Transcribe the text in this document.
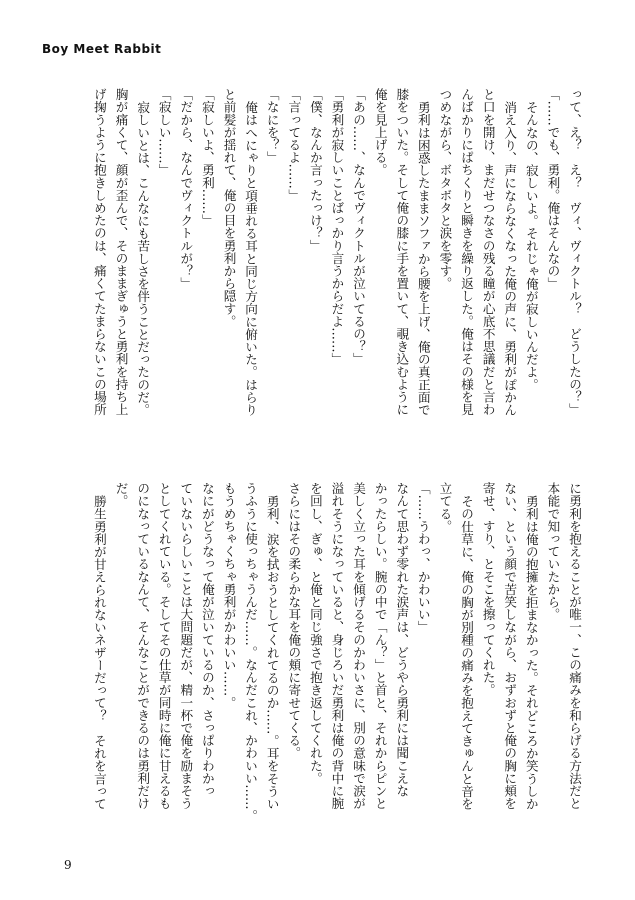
Boy Meet Rabbit

って、え？　え？　ヴィ、ヴィクトル？　どうしたの？」

「……でも、勇利。俺はそんなの」

そんなの、寂しいよ。それじゃ俺が寂しいんだよ。

消え入り、声にならなくなった俺の声に、勇利がぽかん

と口を開け、まだせつなさの残る瞳が心底不思議だと言わ

んばかりにぱちくりと瞬きを繰り返した。俺はその様を見

つめながら、ボタボタと涙を零す。

勇利は困惑したままソファから腰を上げ、俺の真正面で

膝をついた。そして俺の膝に手を置いて、覗き込むように

俺を見上げる。

「あの……、なんでヴィクトルが泣いてるの？」

「勇利が寂しいことばっかり言うからだよ……」

「僕、なんか言ったっけ？」

「言ってるよ……」

「なにを？」

俺はへにゃりと項垂れる耳と同じ方向に俯いた。はらり

と前髪が揺れて、俺の目を勇利から隠す。

「寂しいよ、勇利……」

「だから、なんでヴィクトルが？」

「寂しい……」

寂しいとは、こんなにも苦しさを伴うことだったのだ。

胸が痛くて、顔が歪んで、そのままぎゅうと勇利を持ち上

げ掬うように抱きしめたのは、痛くてたまらないこの場所

に勇利を抱えることが唯一、この痛みを和らげる方法だと

本能で知っていたから。

勇利は俺の抱擁を拒まなかった。それどころか笑うしか

ない、という顔で苦笑しながら、おずおずと俺の胸に頬を

寄せ、すり、とそこを擦ってくれた。

その仕草に、俺の胸が別種の痛みを抱えてきゅんと音を

立てる。

「……うわっ、かわいい」

なんて思わず零れた涙声は、どうやら勇利には聞こえな

かったらしい。腕の中で「ん？」と首と、それからピンと

美しく立った耳を傾げるそのかわいさに、別の意味で涙が

溢れそうになっていると、身じろいだ勇利は俺の背中に腕

を回し、ぎゅ、と俺と同じ強さで抱き返してくれた。

さらにはその柔らかな耳を俺の頬に寄せてくる。

勇利、涙を拭おうとしてくれてるのか……。耳をそうい

うふうに使っちゃうんだ……。なんだこれ、かわいい……。

もうめちゃくちゃ勇利がかわいい……。

なにがどうなって俺が泣いているのか、さっぱりわかっ

ていないらしいことは大問題だが、精一杯で俺を励まそう

としてくれている。そしてその仕草が同時に俺に甘えるも

のになっているなんて、そんなことができるのは勇利だけ

だ。

勝生勇利が甘えられないネザーだって？　それを言って

9
